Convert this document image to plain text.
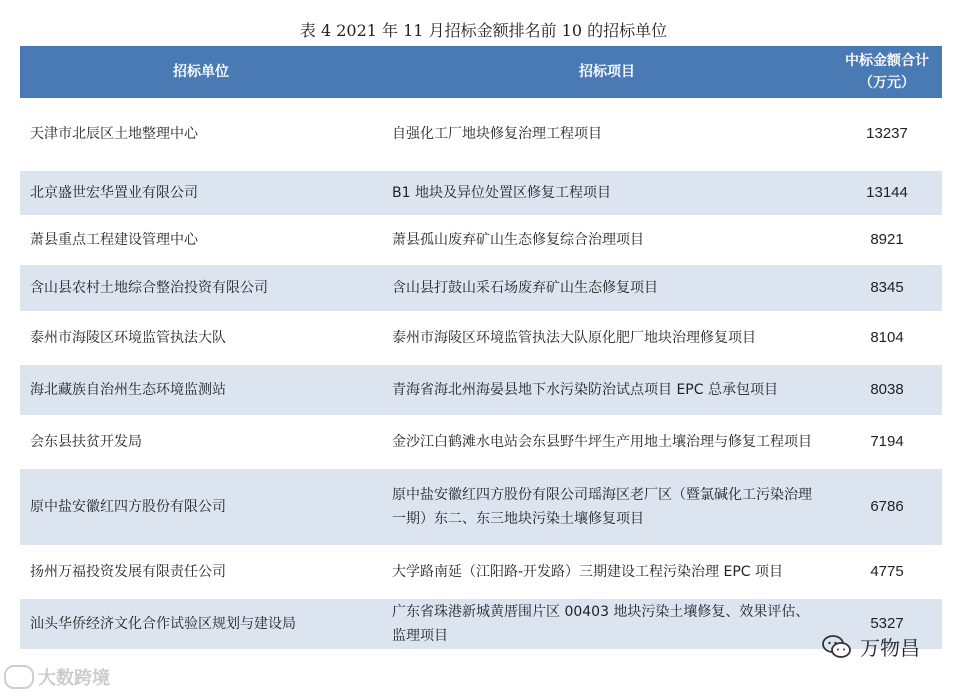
表 4 2021 年 11 月招标金额排名前 10 的招标单位
招标单位	招标项目	中标金额合计
（万元）
天津市北辰区土地整理中心	自强化工厂地块修复治理工程项目	13237
北京盛世宏华置业有限公司	B1 地块及异位处置区修复工程项目	13144
萧县重点工程建设管理中心	萧县孤山废弃矿山生态修复综合治理项目	8921
含山县农村土地综合整治投资有限公司	含山县打鼓山采石场废弃矿山生态修复项目	8345
泰州市海陵区环境监管执法大队	泰州市海陵区环境监管执法大队原化肥厂地块治理修复项目	8104
海北藏族自治州生态环境监测站	青海省海北州海晏县地下水污染防治试点项目 EPC 总承包项目	8038
会东县扶贫开发局	金沙江白鹤滩水电站会东县野牛坪生产用地土壤治理与修复工程项目	7194
原中盐安徽红四方股份有限公司	原中盐安徽红四方股份有限公司瑶海区老厂区（暨氯碱化工污染治理一期）东二、东三地块污染土壤修复项目	6786
扬州万福投资发展有限责任公司	大学路南延（江阳路-开发路）三期建设工程污染治理 EPC 项目	4775
汕头华侨经济文化合作试验区规划与建设局	广东省珠港新城黄厝围片区 00403 地块污染土壤修复、效果评估、监理项目	5327
大数跨境
万物昌
